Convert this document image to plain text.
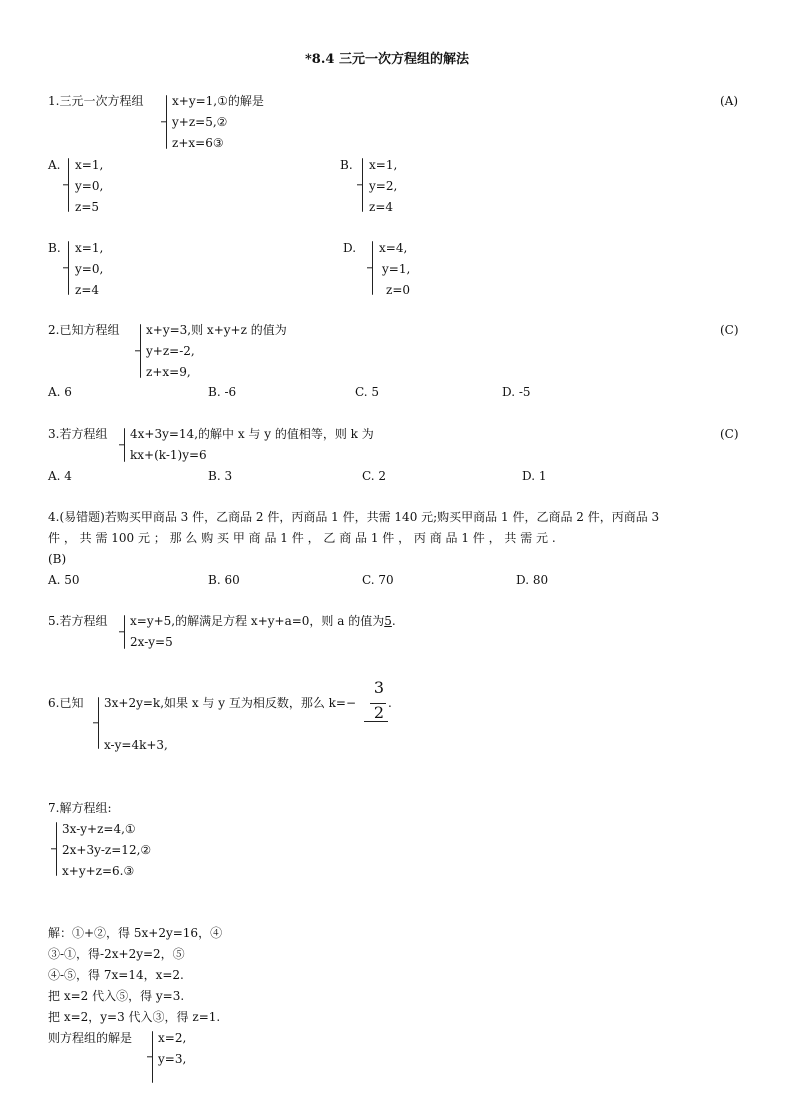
*8.4 三元一次方程组的解法
1.三元一次方程组 x+y=1,①的解是
y+z=5,②
z+x=6③
(A)
A. x=1,
y=0,
z=5
B. x=1,
y=2,
z=4
B. x=1,
y=0,
z=4
D. x=4,
y=1,
z=0
2.已知方程组 x+y=3,则 x+y+z 的值为
y+z=-2,
z+x=9,
(C)
A. 6	B. -6	C. 5	D. -5
3.若方程组 4x+3y=14,的解中 x 与 y 的值相等，则 k 为
kx+(k-1)y=6
(C)
A. 4	B. 3	C. 2	D. 1
4.(易错题)若购买甲商品 3 件，乙商品 2 件，丙商品 1 件，共需 140 元;购买甲商品 1 件，乙商品 2 件，丙商品 3
件 ， 共 需 100 元 ； 那 么 购 买 甲 商 品 1 件 ， 乙 商 品 1 件 ， 丙 商 品 1 件 ， 共 需 元 .
(B)
A. 50	B. 60	C. 70	D. 80
5.若方程组 x=y+5,的解满足方程 x+y+a=0，则 a 的值为5.
2x-y=5
6.已知 3x+2y=k,如果 x 与 y 互为相反数，那么 k=−
3
2 .
x-y=4k+3,
7.解方程组:
3x-y+z=4,①
2x+3y-z=12,②
x+y+z=6.③
解：①+②，得 5x+2y=16，④
③-①，得-2x+2y=2，⑤
④-⑤，得 7x=14，x=2.
把 x=2 代入⑤，得 y=3.
把 x=2，y=3 代入③，得 z=1.
则方程组的解是 x=2,
y=3,
